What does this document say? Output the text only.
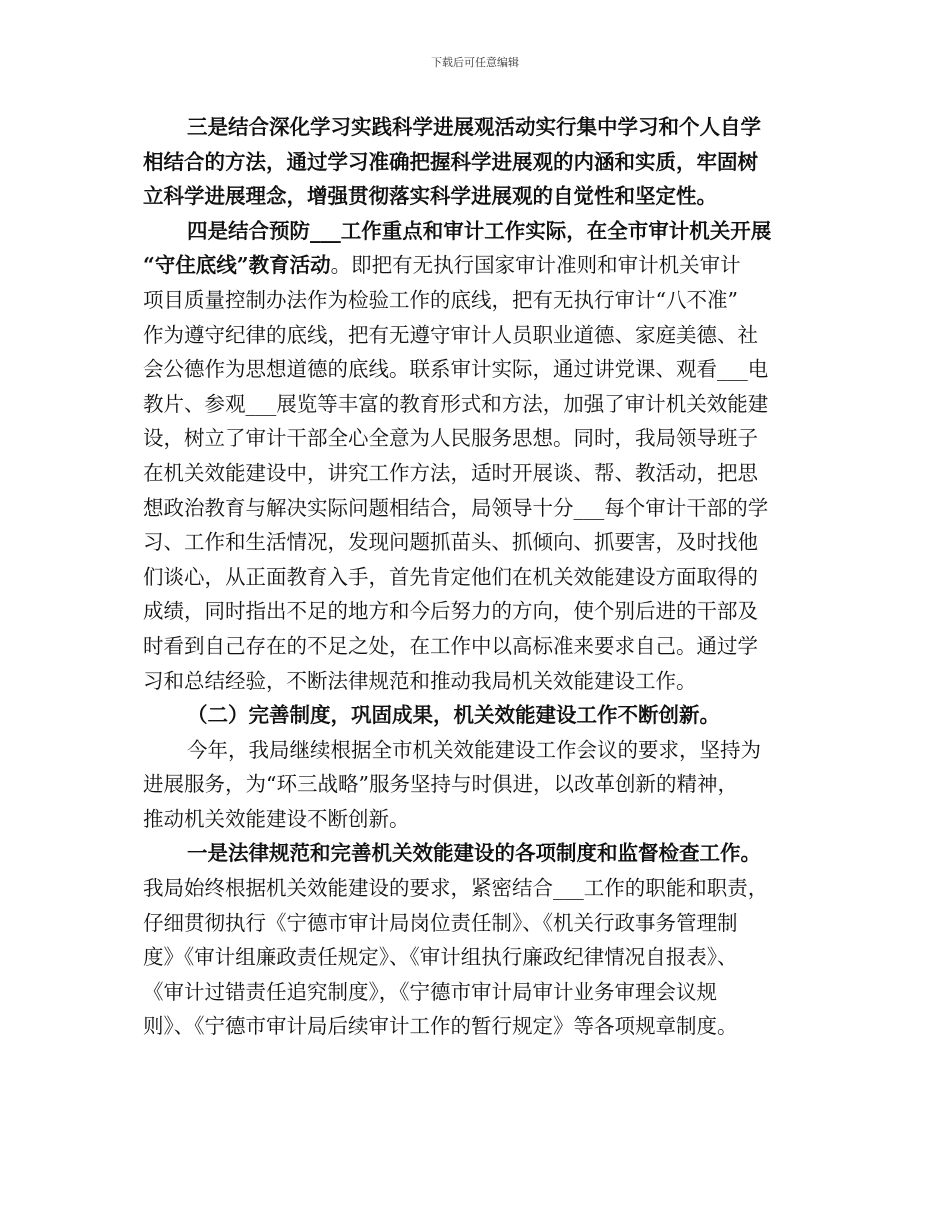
下载后可任意编辑
三是结合深化学习实践科学进展观活动实行集中学习和个人自学
相结合的方法，通过学习准确把握科学进展观的内涵和实质，牢固树
立科学进展理念，增强贯彻落实科学进展观的自觉性和坚定性。
四是结合预防___工作重点和审计工作实际，在全市审计机关开展
“守住底线”教育活动。即把有无执行国家审计准则和审计机关审计
项目质量控制办法作为检验工作的底线，把有无执行审计“八不准”
作为遵守纪律的底线，把有无遵守审计人员职业道德、家庭美德、社
会公德作为思想道德的底线。联系审计实际，通过讲党课、观看___电
教片、参观___展览等丰富的教育形式和方法，加强了审计机关效能建
设，树立了审计干部全心全意为人民服务思想。同时，我局领导班子
在机关效能建设中，讲究工作方法，适时开展谈、帮、教活动，把思
想政治教育与解决实际问题相结合，局领导十分___每个审计干部的学
习、工作和生活情况，发现问题抓苗头、抓倾向、抓要害，及时找他
们谈心，从正面教育入手，首先肯定他们在机关效能建设方面取得的
成绩，同时指出不足的地方和今后努力的方向，使个别后进的干部及
时看到自己存在的不足之处，在工作中以高标准来要求自己。通过学
习和总结经验，不断法律规范和推动我局机关效能建设工作。
（二）完善制度，巩固成果，机关效能建设工作不断创新。
今年，我局继续根据全市机关效能建设工作会议的要求，坚持为
进展服务，为“环三战略”服务坚持与时俱进，以改革创新的精神，
推动机关效能建设不断创新。
一是法律规范和完善机关效能建设的各项制度和监督检查工作。
我局始终根据机关效能建设的要求，紧密结合___工作的职能和职责，
仔细贯彻执行《宁德市审计局岗位责任制》、《机关行政事务管理制
度》《审计组廉政责任规定》、《审计组执行廉政纪律情况自报表》、
《审计过错责任追究制度》，《宁德市审计局审计业务审理会议规
则》、《宁德市审计局后续审计工作的暂行规定》等各项规章制度。
